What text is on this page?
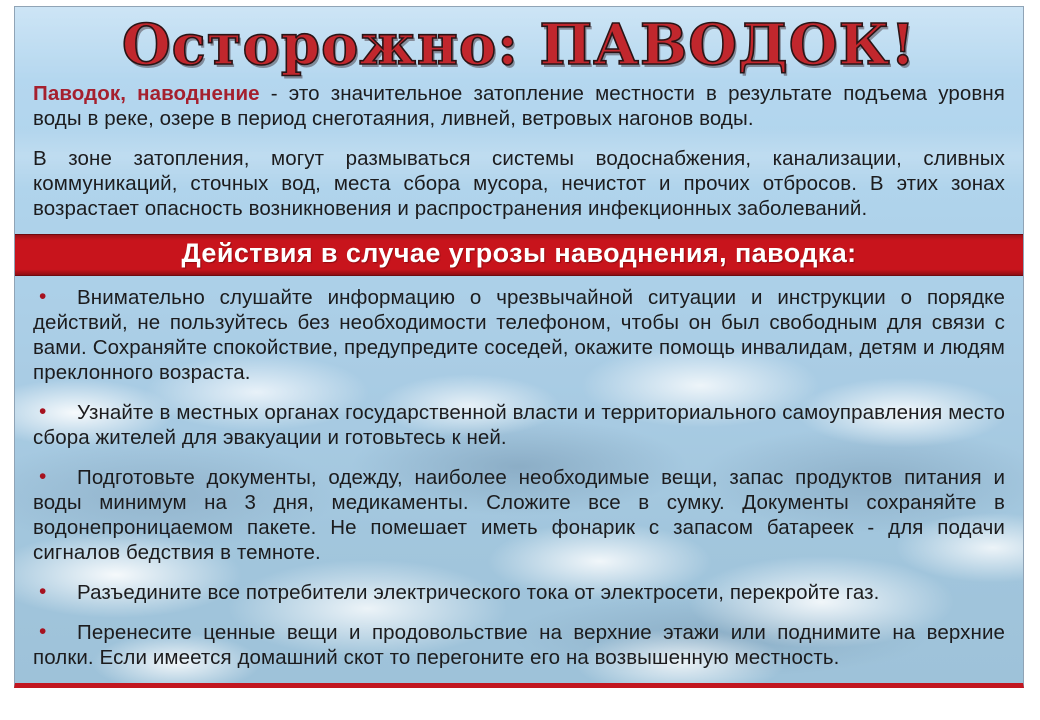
Осторожно: ПАВОДОК!

Паводок, наводнение - это значительное затопление местности в результате подъема уровня воды в реке, озере в период снеготаяния, ливней, ветровых нагонов воды.

В зоне затопления, могут размываться системы водоснабжения, канализации, сливных коммуникаций, сточных вод, места сбора мусора, нечистот и прочих отбросов. В этих зонах возрастает опасность возникновения и распространения инфекционных заболеваний.

Действия в случае угрозы наводнения, паводка:
• Внимательно слушайте информацию о чрезвычайной ситуации и инструкции о порядке действий, не пользуйтесь без необходимости телефоном, чтобы он был свободным для связи с вами. Сохраняйте спокойствие, предупредите соседей, окажите помощь инвалидам, детям и людям преклонного возраста.
• Узнайте в местных органах государственной власти и территориального самоуправления место сбора жителей для эвакуации и готовьтесь к ней.
• Подготовьте документы, одежду, наиболее необходимые вещи, запас продуктов питания и воды минимум на 3 дня, медикаменты. Сложите все в сумку. Документы сохраняйте в водонепроницаемом пакете. Не помешает иметь фонарик с запасом батареек - для подачи сигналов бедствия в темноте.
• Разъедините все потребители электрического тока от электросети, перекройте газ.
• Перенесите ценные вещи и продовольствие на верхние этажи или поднимите на верхние полки. Если имеется домашний скот то перегоните его на возвышенную местность.
